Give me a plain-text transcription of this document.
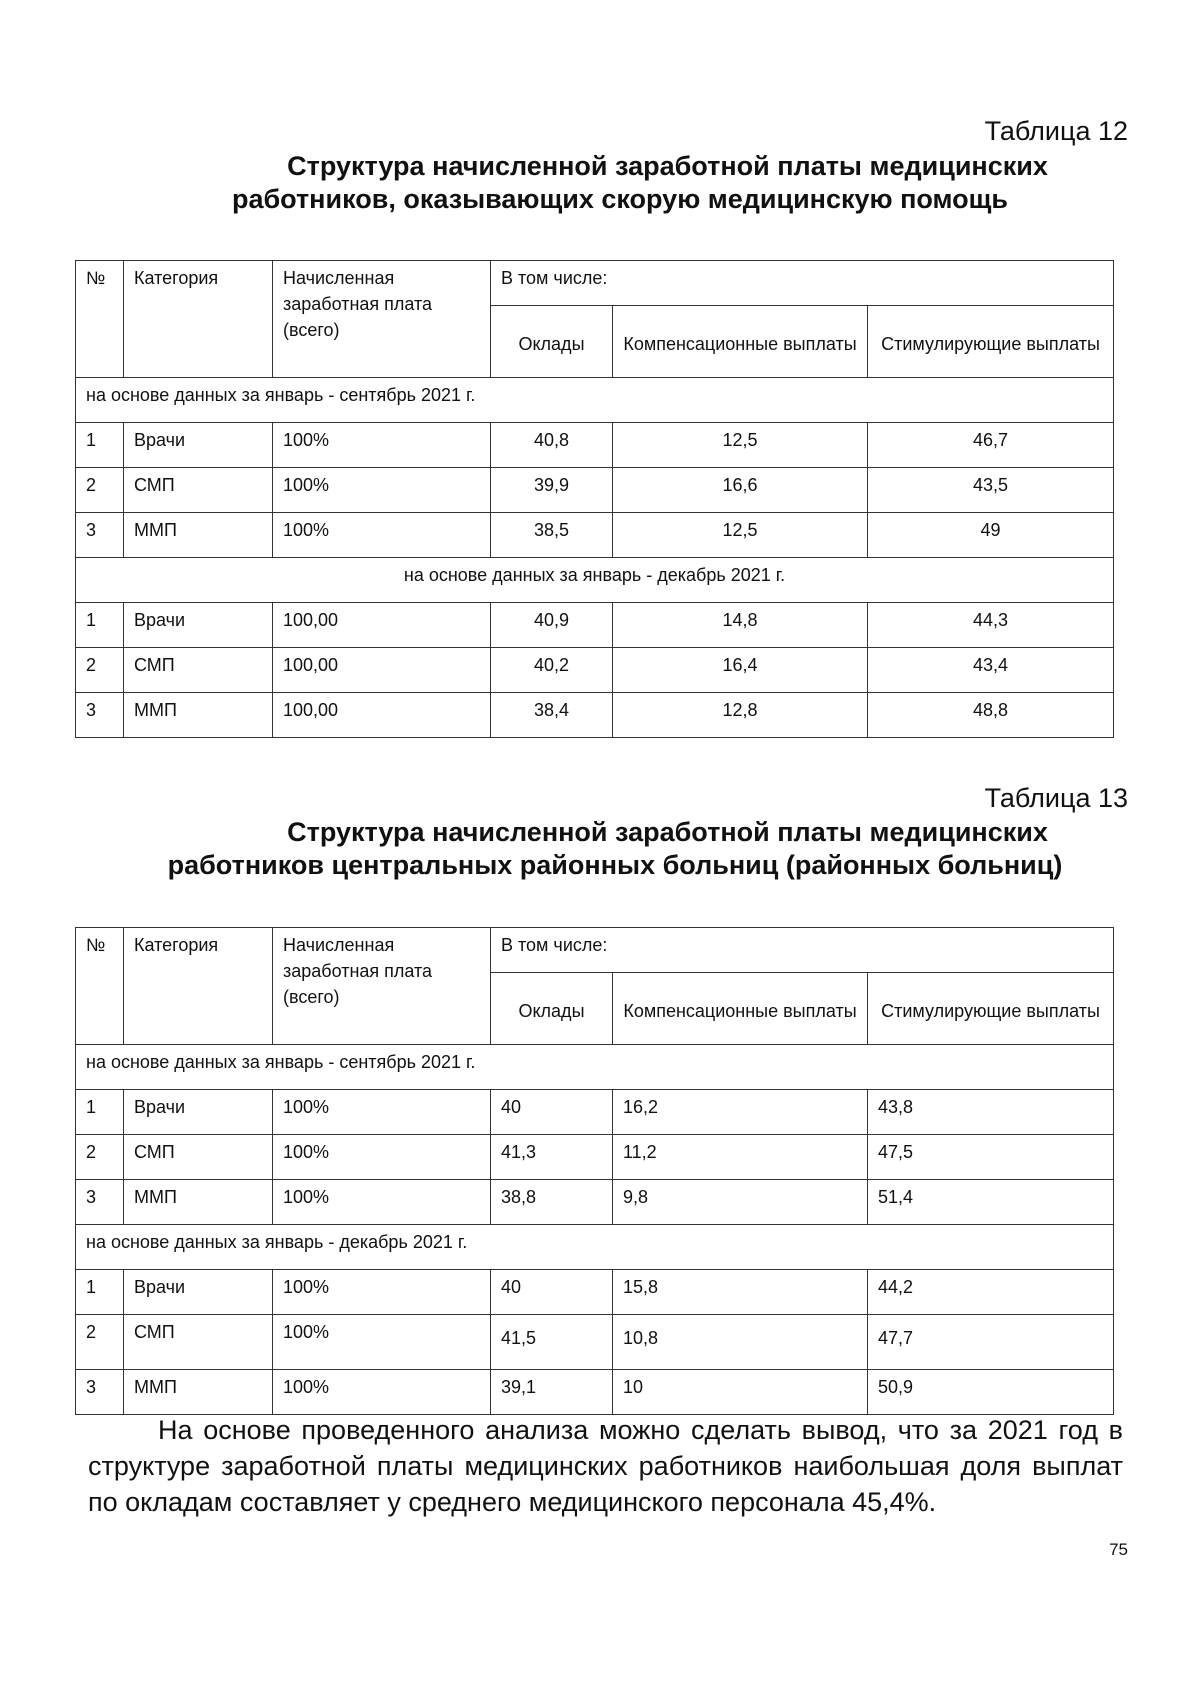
Таблица 12
Структура начисленной заработной платы медицинских
работников, оказывающих скорую медицинскую помощь
№	Категория	Начисленная заработная плата (всего)	В том числе:		
			Оклады	Компенсационные выплаты	Стимулирующие выплаты
на основе данных за январь - сентябрь 2021 г.					
1	Врачи	100%	40,8	12,5	46,7
2	СМП	100%	39,9	16,6	43,5
3	ММП	100%	38,5	12,5	49
на основе данных за январь - декабрь 2021 г.					
1	Врачи	100,00	40,9	14,8	44,3
2	СМП	100,00	40,2	16,4	43,4
3	ММП	100,00	38,4	12,8	48,8
Таблица 13
Структура начисленной заработной платы медицинских
работников центральных районных больниц (районных больниц)
№	Категория	Начисленная заработная плата (всего)	В том числе:		
			Оклады	Компенсационные выплаты	Стимулирующие выплаты
на основе данных за январь - сентябрь 2021 г.					
1	Врачи	100%	40	16,2	43,8
2	СМП	100%	41,3	11,2	47,5
3	ММП	100%	38,8	9,8	51,4
на основе данных за январь - декабрь 2021 г.					
1	Врачи	100%	40	15,8	44,2
2	СМП	100%	41,5	10,8	47,7
3	ММП	100%	39,1	10	50,9
На основе проведенного анализа можно сделать вывод, что за 2021 год в структуре заработной платы медицинских работников наибольшая доля выплат по окладам составляет у среднего медицинского персонала 45,4%.
75
